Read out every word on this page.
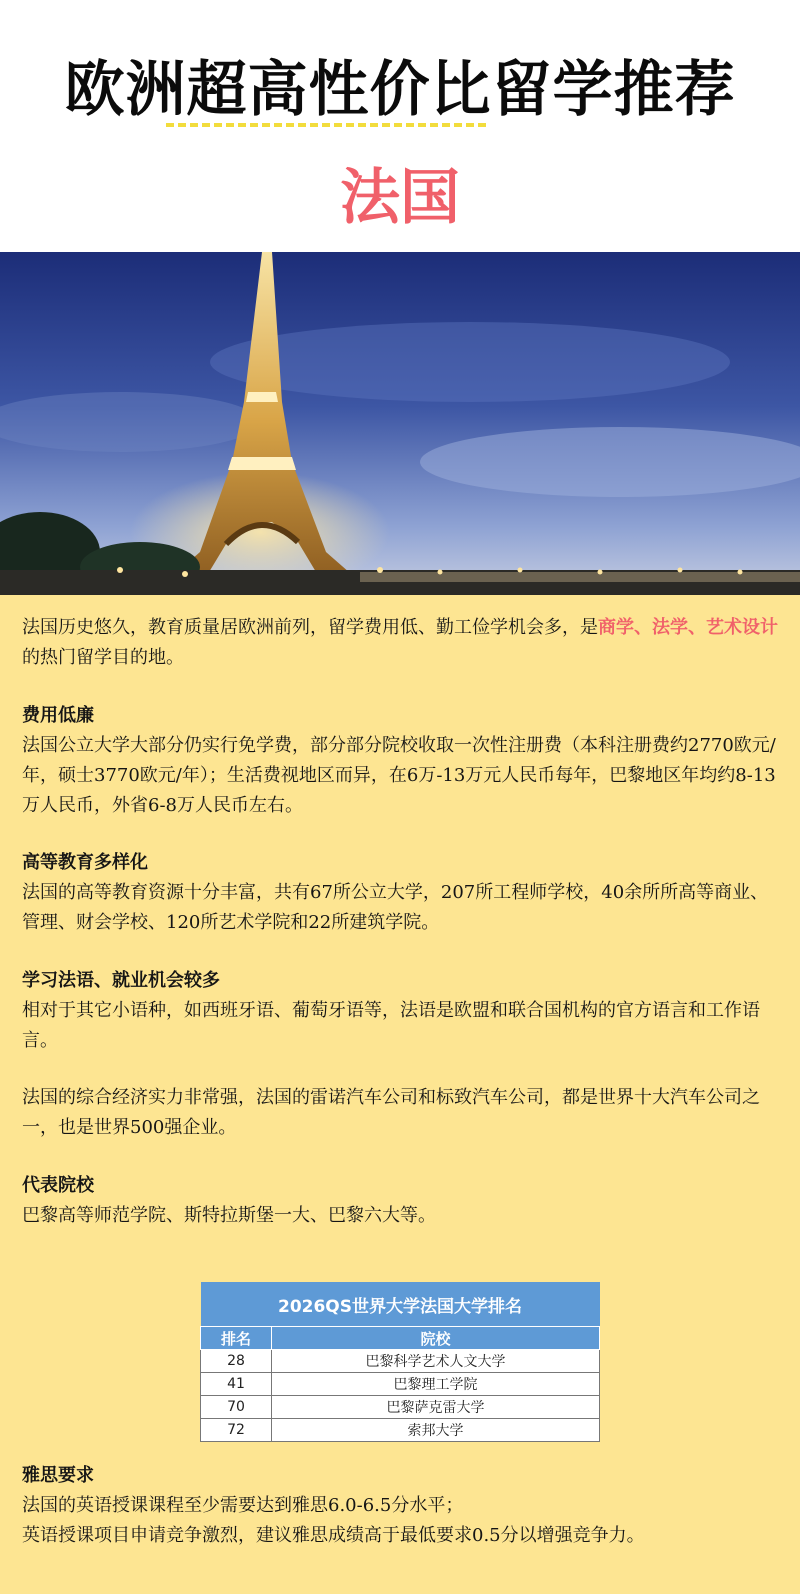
欧洲超高性价比留学推荐
法国
法国历史悠久，教育质量居欧洲前列，留学费用低、勤工俭学机会多，是商学、法学、艺术设计的热门留学目的地。
费用低廉
法国公立大学大部分仍实行免学费，部分部分院校收取一次性注册费（本科注册费约2770欧元/年，硕士3770欧元/年）；生活费视地区而异，在6万-13万元人民币每年，巴黎地区年均约8-13万人民币，外省6-8万人民币左右。
高等教育多样化
法国的高等教育资源十分丰富，共有67所公立大学，207所工程师学校，40余所所高等商业、管理、财会学校、120所艺术学院和22所建筑学院。
学习法语、就业机会较多
相对于其它小语种，如西班牙语、葡萄牙语等，法语是欧盟和联合国机构的官方语言和工作语言。
法国的综合经济实力非常强，法国的雷诺汽车公司和标致汽车公司，都是世界十大汽车公司之一，也是世界500强企业。
代表院校
巴黎高等师范学院、斯特拉斯堡一大、巴黎六大等。
2026QS世界大学法国大学排名	
排名	院校
28	巴黎科学艺术人文大学
41	巴黎理工学院
70	巴黎萨克雷大学
72	索邦大学
雅思要求
法国的英语授课课程至少需要达到雅思6.0-6.5分水平；
英语授课项目申请竞争激烈，建议雅思成绩高于最低要求0.5分以增强竞争力。
